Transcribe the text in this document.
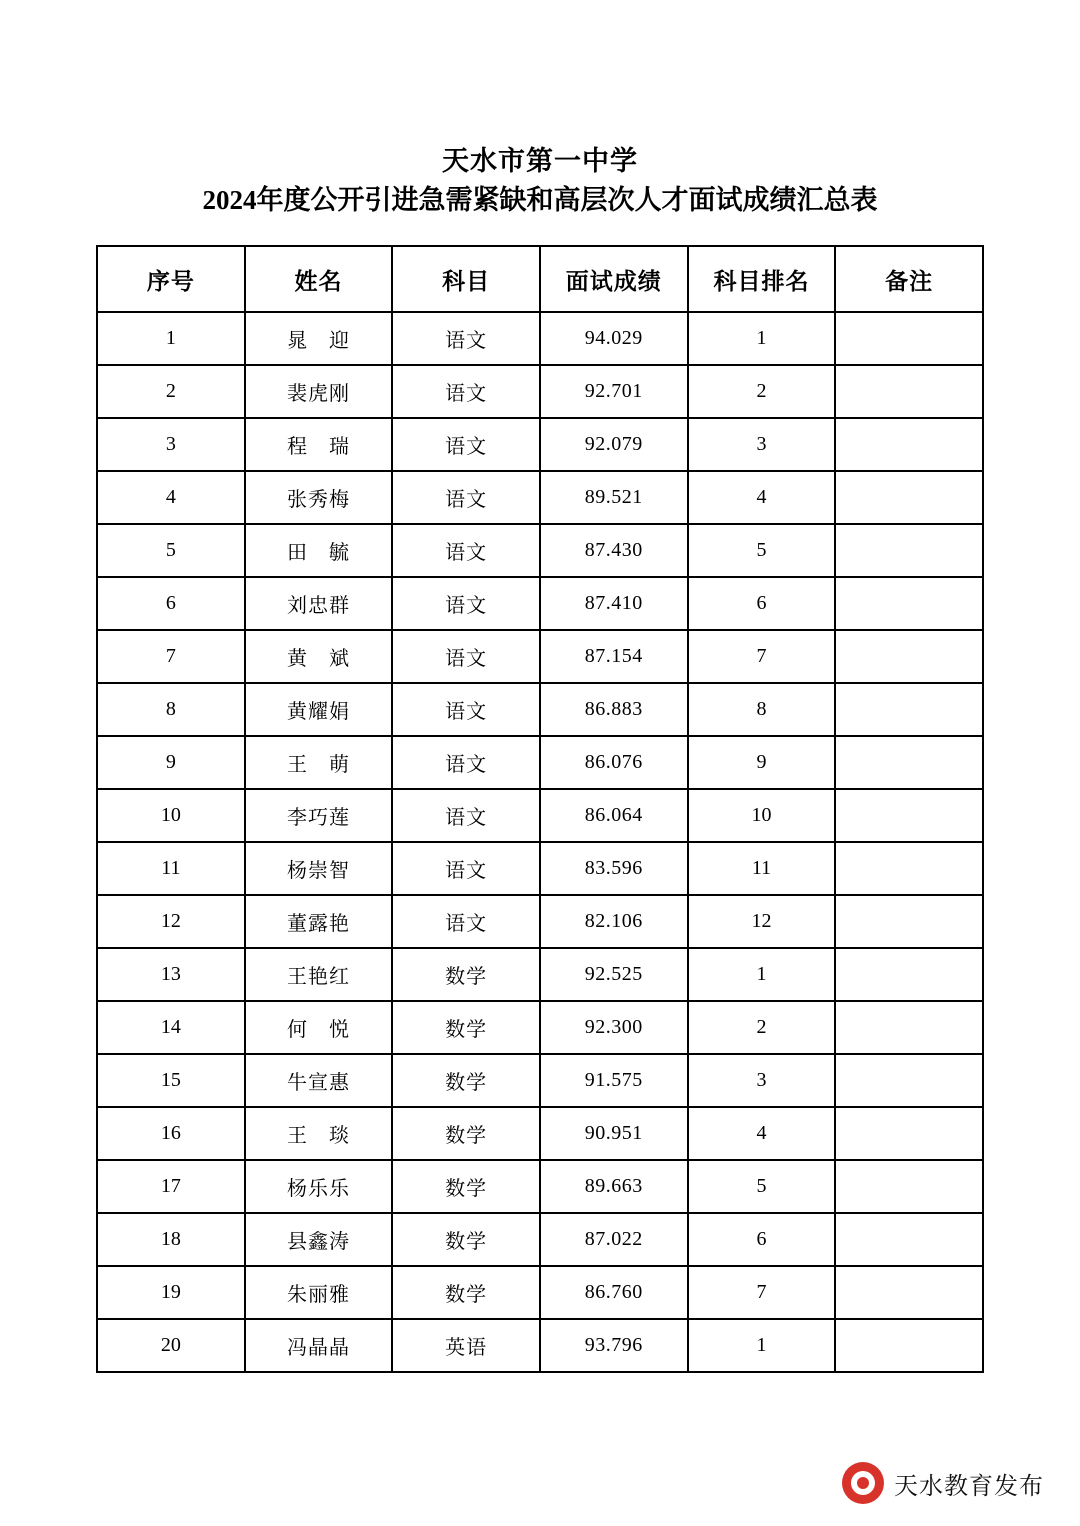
天水市第一中学
2024年度公开引进急需紧缺和高层次人才面试成绩汇总表
序号	姓名	科目	面试成绩	科目排名	备注
1	晁　迎	语文	94.029	1	
2	裴虎刚	语文	92.701	2	
3	程　瑞	语文	92.079	3	
4	张秀梅	语文	89.521	4	
5	田　毓	语文	87.430	5	
6	刘忠群	语文	87.410	6	
7	黄　斌	语文	87.154	7	
8	黄耀娟	语文	86.883	8	
9	王　萌	语文	86.076	9	
10	李巧莲	语文	86.064	10	
11	杨崇智	语文	83.596	11	
12	董露艳	语文	82.106	12	
13	王艳红	数学	92.525	1	
14	何　悦	数学	92.300	2	
15	牛宣惠	数学	91.575	3	
16	王　琰	数学	90.951	4	
17	杨乐乐	数学	89.663	5	
18	县鑫涛	数学	87.022	6	
19	朱丽雅	数学	86.760	7	
20	冯晶晶	英语	93.796	1	
天水教育发布
